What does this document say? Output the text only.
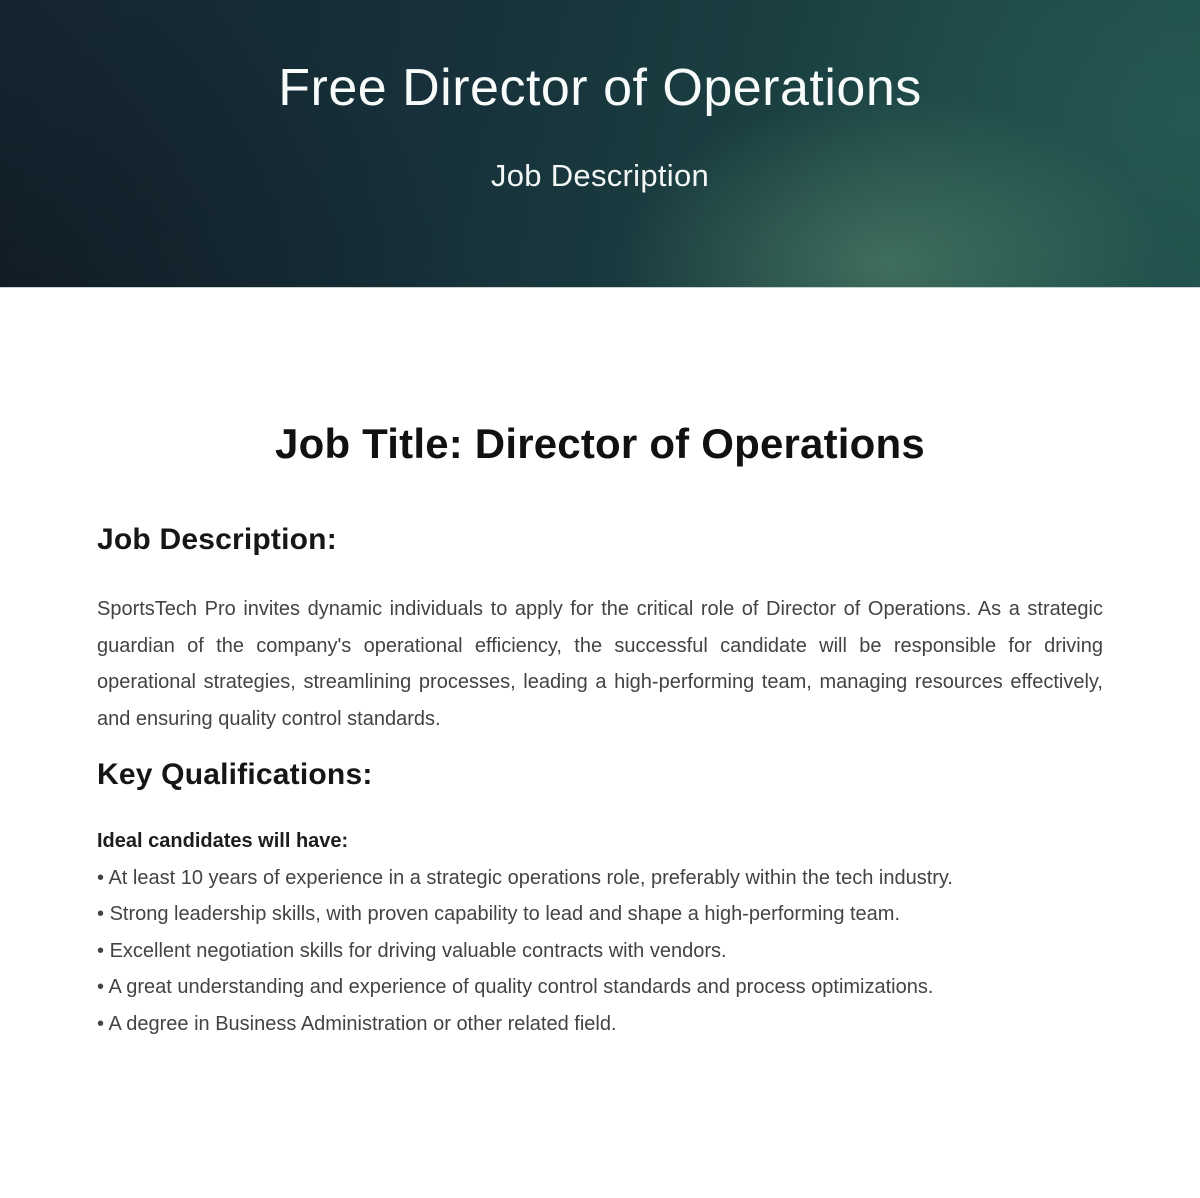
Free Director of Operations
Job Description
Job Title: Director of Operations
Job Description:

SportsTech Pro invites dynamic individuals to apply for the critical role of Director of Operations. As a strategic guardian of the company's operational efficiency, the successful candidate will be responsible for driving operational strategies, streamlining processes, leading a high-performing team, managing resources effectively, and ensuring quality control standards.

Key Qualifications:

Ideal candidates will have:

• At least 10 years of experience in a strategic operations role, preferably within the tech industry.

• Strong leadership skills, with proven capability to lead and shape a high-performing team.

• Excellent negotiation skills for driving valuable contracts with vendors.

• A great understanding and experience of quality control standards and process optimizations.

• A degree in Business Administration or other related field.
